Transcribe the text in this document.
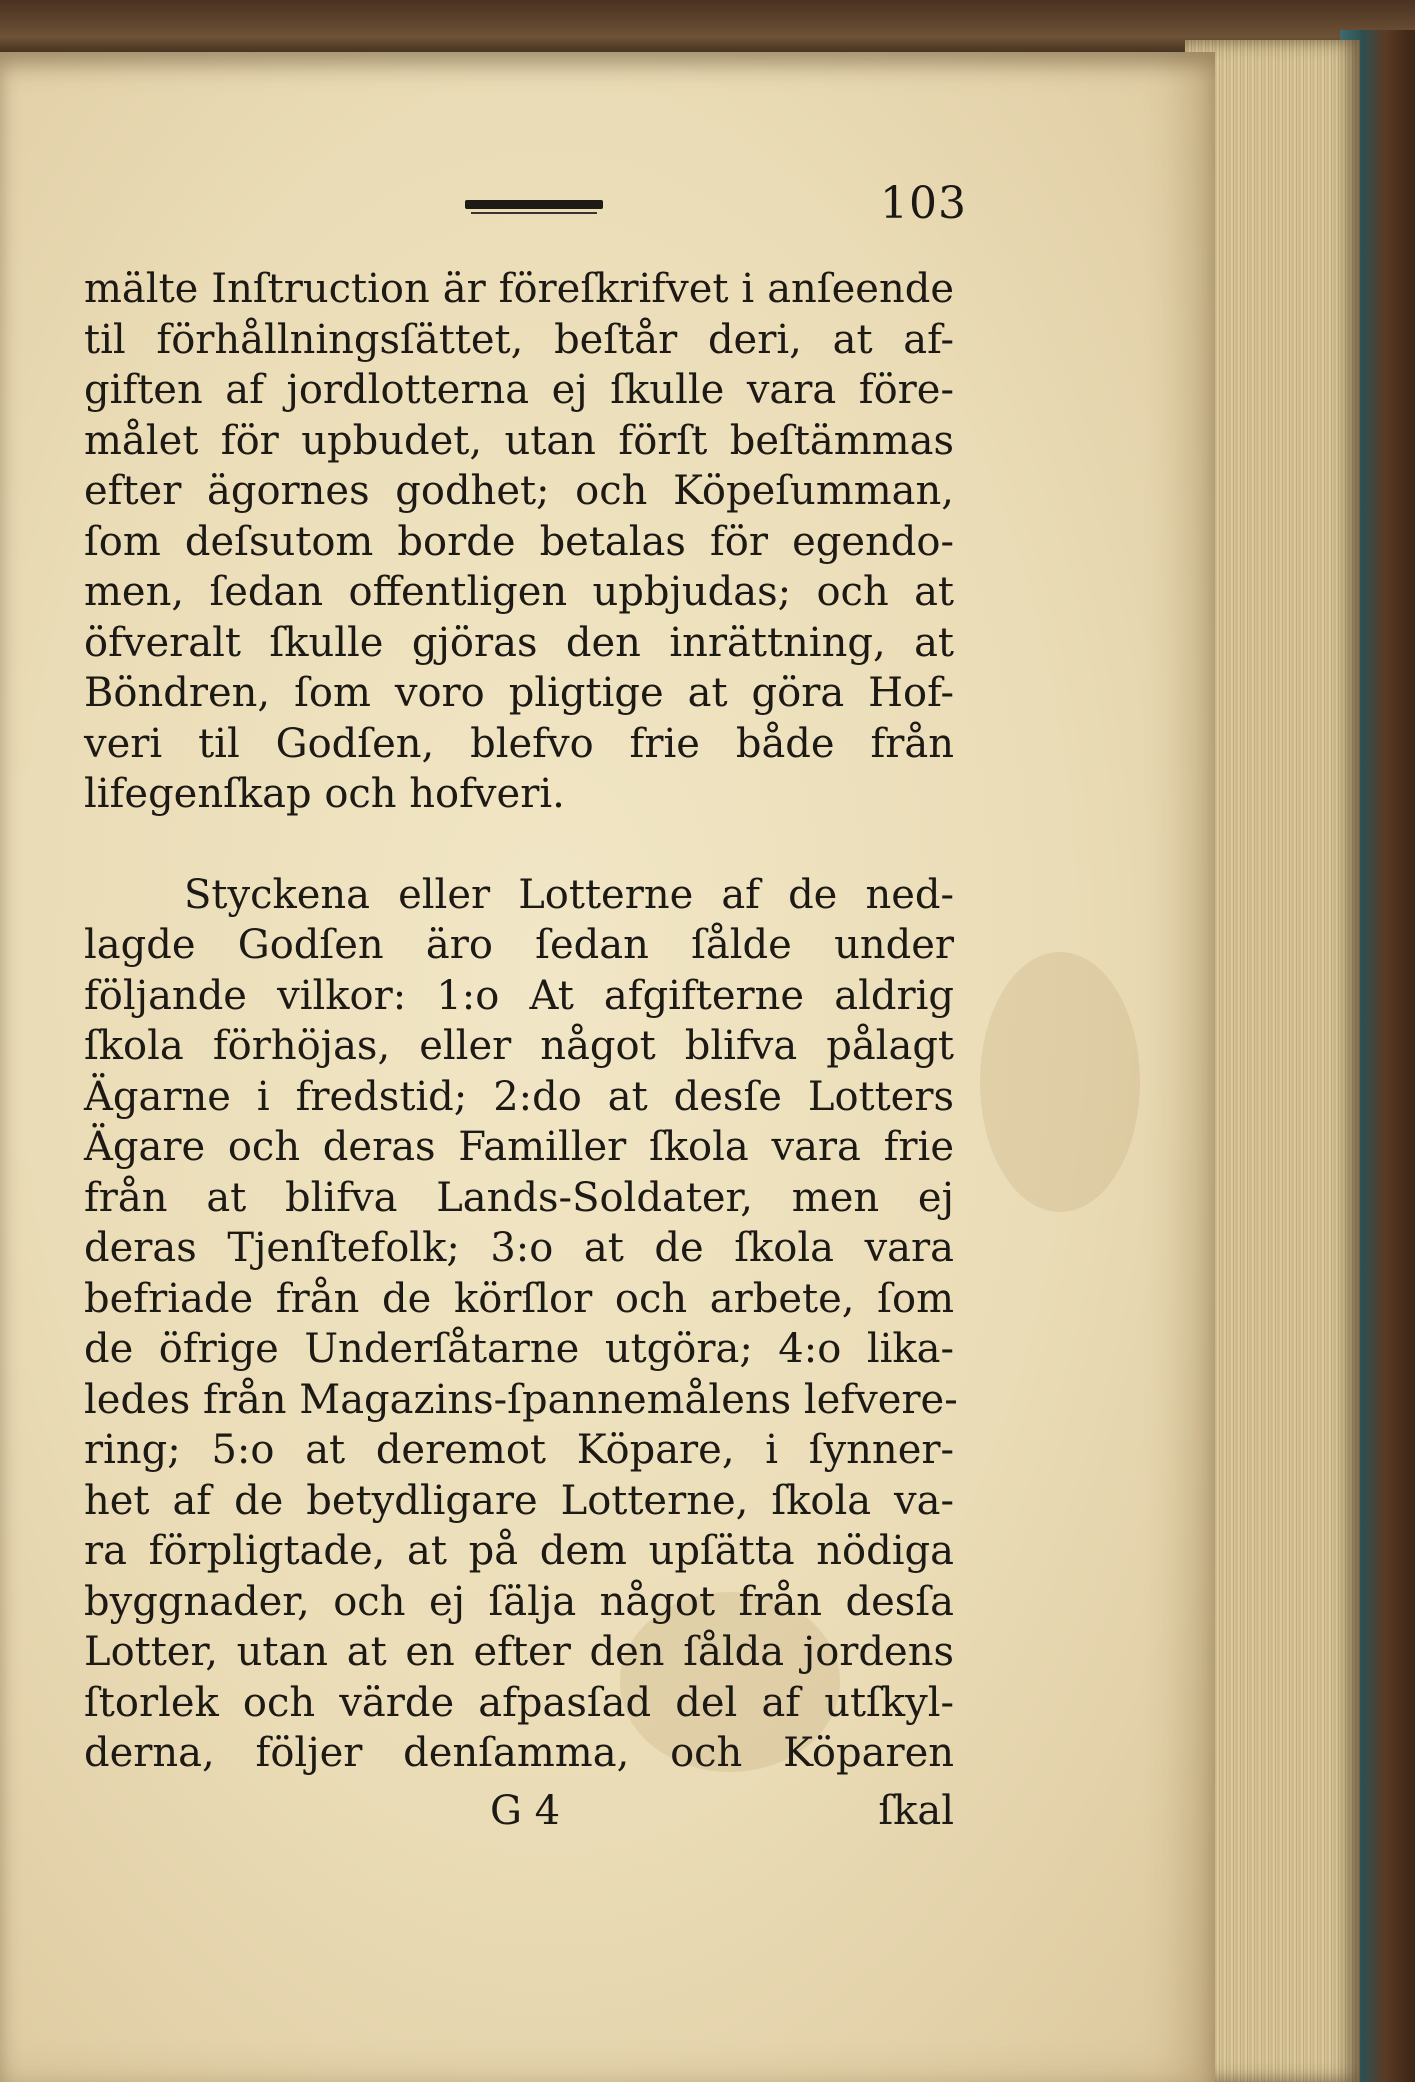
103
mälte Inſtruction är föreſkrifvet i anſeende
til förhållningsſättet, beſtår deri, at af-
giften af jordlotterna ej ſkulle vara före-
målet för upbudet, utan förſt beſtämmas
efter ägornes godhet; och Köpeſumman,
ſom deſsutom borde betalas för egendo-
men, ſedan offentligen upbjudas; och at
öfveralt ſkulle gjöras den inrättning, at
Böndren, ſom voro pligtige at göra Hof-
veri til Godſen, blefvo frie både från
lifegenſkap och hofveri.
Styckena eller Lotterne af de ned-
lagde Godſen äro ſedan ſålde under
följande vilkor: 1:o At afgifterne aldrig
ſkola förhöjas, eller något blifva pålagt
Ägarne i fredstid; 2:do at desſe Lotters
Ägare och deras Familler ſkola vara frie
från at blifva Lands-Soldater, men ej
deras Tjenſtefolk; 3:o at de ſkola vara
befriade från de körſlor och arbete, ſom
de öfrige Underſåtarne utgöra; 4:o lika-
ledes från Magazins-ſpannemålens lefvere-
ring; 5:o at deremot Köpare, i ſynner-
het af de betydligare Lotterne, ſkola va-
ra förpligtade, at på dem upſätta nödiga
byggnader, och ej ſälja något från desſa
Lotter, utan at en efter den ſålda jordens
ſtorlek och värde afpasſad del af utſkyl-
derna, följer denſamma, och Köparen
G 4	ſkal
